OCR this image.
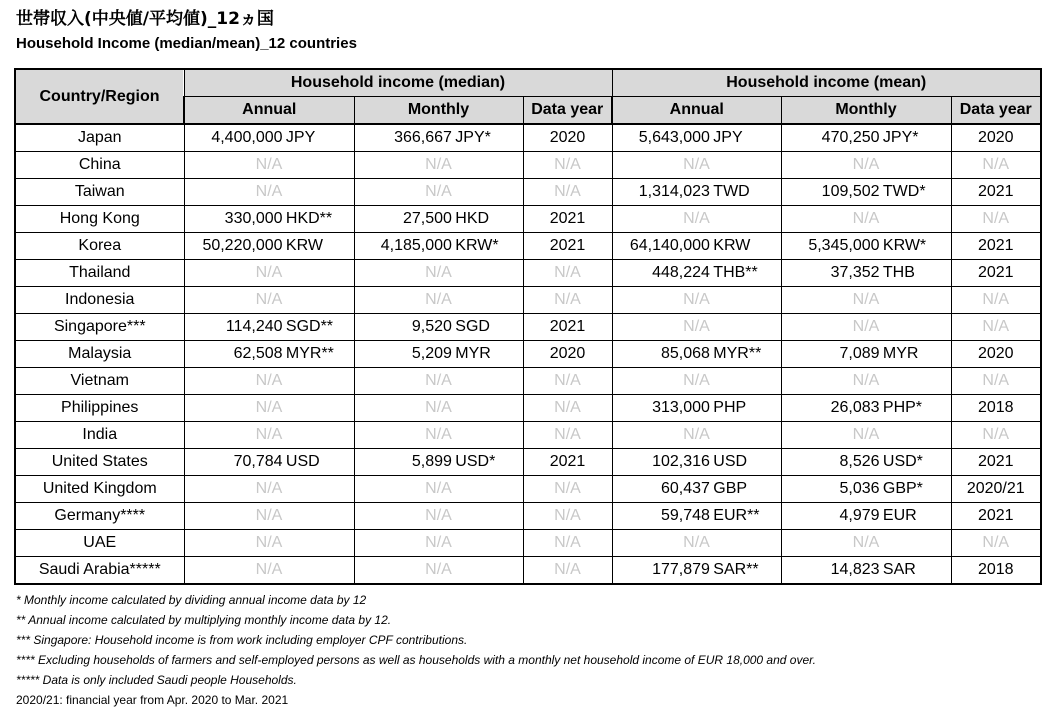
世帯収入(中央値/平均値)_12ヵ国
Household Income (median/mean)_12 countries
Country/Region	Household income (median)			Household income (mean)		
	Annual	Monthly	Data year	Annual	Monthly	Data year
Japan	4,400,000 JPY	366,667 JPY*	2020	5,643,000 JPY	470,250 JPY*	2020
China	N/A	N/A	N/A	N/A	N/A	N/A

Taiwan	N/A	N/A	N/A	1,314,023 TWD	109,502 TWD*	2021
Hong Kong	330,000 HKD**	27,500 HKD	2021	N/A	N/A	N/A

Korea	50,220,000 KRW	4,185,000 KRW*	2021	64,140,000 KRW	5,345,000 KRW*	2021
Thailand	N/A	N/A	N/A	448,224 THB**	37,352 THB	2021
Indonesia	N/A	N/A	N/A	N/A	N/A	N/A

Singapore***	114,240 SGD**	9,520 SGD	2021	N/A	N/A	N/A

Malaysia	62,508 MYR**	5,209 MYR	2020	85,068 MYR**	7,089 MYR	2020
Vietnam	N/A	N/A	N/A	N/A	N/A	N/A

Philippines	N/A	N/A	N/A	313,000 PHP	26,083 PHP*	2018
India	N/A	N/A	N/A	N/A	N/A	N/A

United States	70,784 USD	5,899 USD*	2021	102,316 USD	8,526 USD*	2021
United Kingdom	N/A	N/A	N/A	60,437 GBP	5,036 GBP*	2020/21
Germany****	N/A	N/A	N/A	59,748 EUR**	4,979 EUR	2021
UAE	N/A	N/A	N/A	N/A	N/A	N/A

Saudi Arabia*****	N/A	N/A	N/A	177,879 SAR**	14,823 SAR	2018
* Monthly income calculated by dividing annual income data by 12
** Annual income calculated by multiplying monthly income data by 12.
*** Singapore: Household income is from work including employer CPF contributions.
**** Excluding households of farmers and self-employed persons as well as households with a monthly net household income of EUR 18,000 and over.
***** Data is only included Saudi people Households.
2020/21: financial year from Apr. 2020 to Mar. 2021
